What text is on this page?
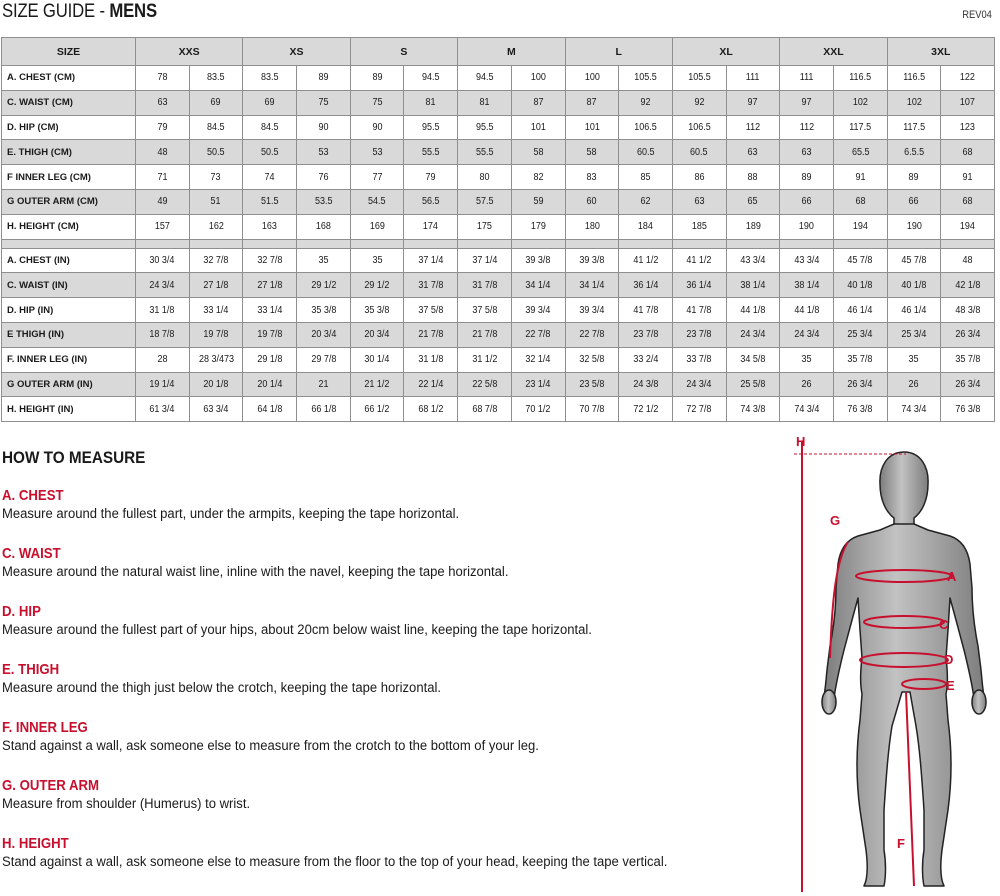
SIZE GUIDE - MENS	REV04
SIZE	XXS		XS		S		M		L		XL		XXL		3XL	
A. CHEST (CM)	78	83.5	83.5	89	89	94.5	94.5	100	100	105.5	105.5	111	111	116.5	116.5	122
C. WAIST (CM)	63	69	69	75	75	81	81	87	87	92	92	97	97	102	102	107
D. HIP (CM)	79	84.5	84.5	90	90	95.5	95.5	101	101	106.5	106.5	112	112	117.5	117.5	123
E. THIGH (CM)	48	50.5	50.5	53	53	55.5	55.5	58	58	60.5	60.5	63	63	65.5	6.5.5	68
F INNER LEG (CM)	71	73	74	76	77	79	80	82	83	85	86	88	89	91	89	91
G OUTER ARM (CM)	49	51	51.5	53.5	54.5	56.5	57.5	59	60	62	63	65	66	68	66	68
H. HEIGHT (CM)	157	162	163	168	169	174	175	179	180	184	185	189	190	194	190	194

A. CHEST (IN)	30 3/4	32 7/8	32 7/8	35	35	37 1/4	37 1/4	39 3/8	39 3/8	41 1/2	41 1/2	43 3/4	43 3/4	45 7/8	45 7/8	48
C. WAIST (IN)	24 3/4	27 1/8	27 1/8	29 1/2	29 1/2	31 7/8	31 7/8	34 1/4	34 1/4	36 1/4	36 1/4	38 1/4	38 1/4	40 1/8	40 1/8	42 1/8
D. HIP (IN)	31 1/8	33 1/4	33 1/4	35 3/8	35 3/8	37 5/8	37 5/8	39 3/4	39 3/4	41 7/8	41 7/8	44 1/8	44 1/8	46 1/4	46 1/4	48 3/8
E THIGH (IN)	18 7/8	19 7/8	19 7/8	20 3/4	20 3/4	21 7/8	21 7/8	22 7/8	22 7/8	23 7/8	23 7/8	24 3/4	24 3/4	25 3/4	25 3/4	26 3/4
F. INNER LEG (IN)	28	28 3/473	29 1/8	29 7/8	30 1/4	31 1/8	31 1/2	32 1/4	32 5/8	33 2/4	33 7/8	34 5/8	35	35 7/8	35	35 7/8
G OUTER ARM (IN)	19 1/4	20 1/8	20 1/4	21	21 1/2	22 1/4	22 5/8	23 1/4	23 5/8	24 3/8	24 3/4	25 5/8	26	26 3/4	26	26 3/4
H. HEIGHT (IN)	61 3/4	63 3/4	64 1/8	66 1/8	66 1/2	68 1/2	68 7/8	70 1/2	70 7/8	72 1/2	72 7/8	74 3/8	74 3/4	76 3/8	74 3/4	76 3/8
HOW TO MEASURE
A. CHEST
Measure around the fullest part, under the armpits, keeping the tape horizontal.
C. WAIST
Measure around the natural waist line, inline with the navel, keeping the tape horizontal.
D. HIP
Measure around the fullest part of your hips, about 20cm below waist line, keeping the tape horizontal.
E. THIGH
Measure around the thigh just below the crotch, keeping the tape horizontal.
F. INNER LEG
Stand against a wall, ask someone else to measure from the crotch to the bottom of your leg.
G. OUTER ARM
Measure from shoulder (Humerus) to wrist.
H. HEIGHT
Stand against a wall, ask someone else to measure from the floor to the top of your head, keeping the tape vertical.
H
G
A
C
D
E
F
